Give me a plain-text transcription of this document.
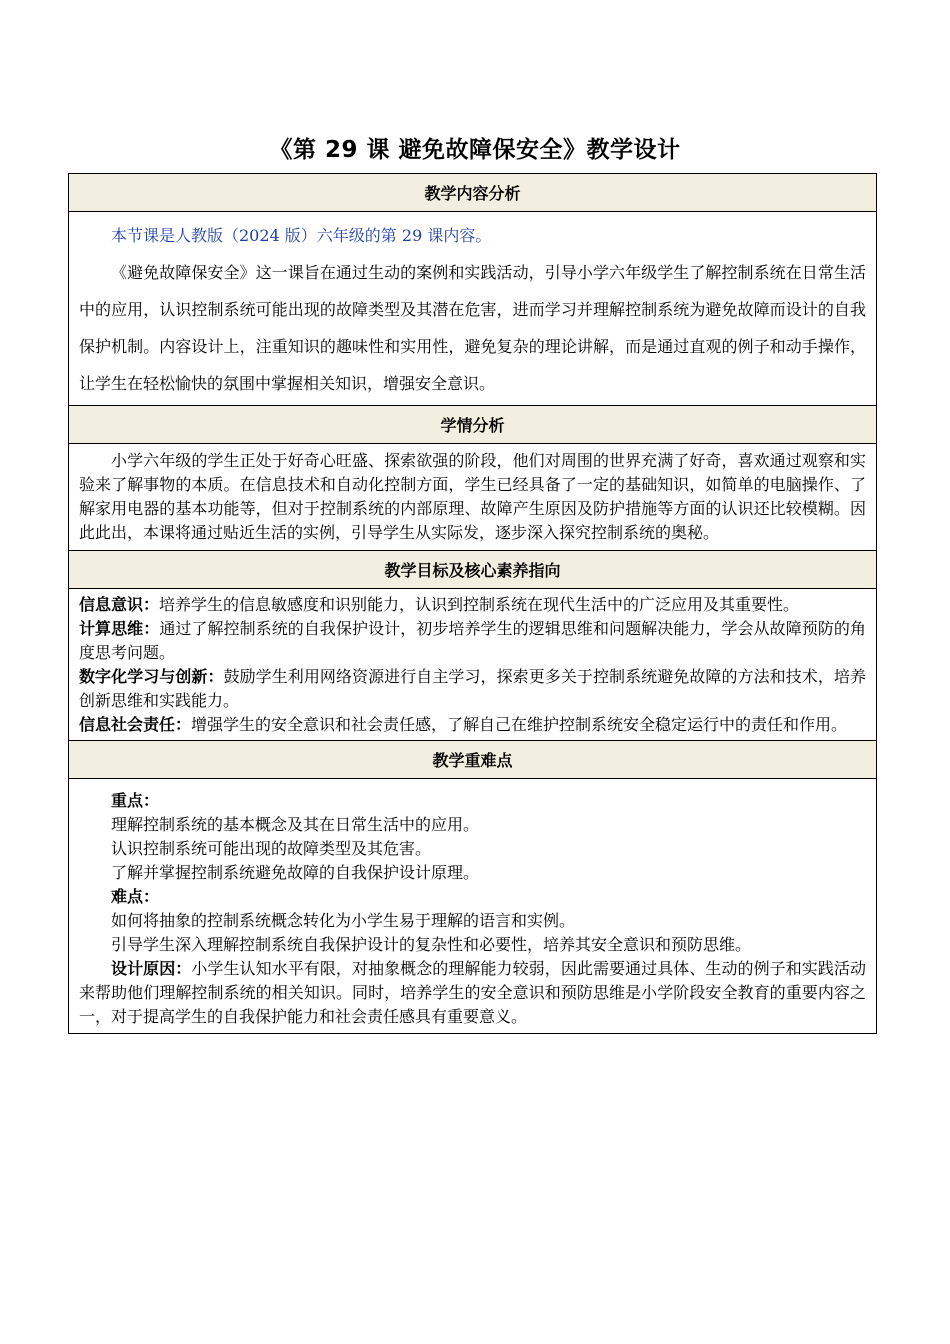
《第 29 课 避免故障保安全》教学设计
教学内容分析

本节课是人教版（2024 版）六年级的第 29 课内容。

《避免故障保安全》这一课旨在通过生动的案例和实践活动，引导小学六年级学生了解控制系统在日常生活中的应用，认识控制系统可能出现的故障类型及其潜在危害，进而学习并理解控制系统为避免故障而设计的自我保护机制。内容设计上，注重知识的趣味性和实用性，避免复杂的理论讲解，而是通过直观的例子和动手操作，让学生在轻松愉快的氛围中掌握相关知识，增强安全意识。

学情分析

小学六年级的学生正处于好奇心旺盛、探索欲强的阶段，他们对周围的世界充满了好奇，喜欢通过观察和实验来了解事物的本质。在信息技术和自动化控制方面，学生已经具备了一定的基础知识，如简单的电脑操作、了解家用电器的基本功能等，但对于控制系统的内部原理、故障产生原因及防护措施等方面的认识还比较模糊。因此此出，本课将通过贴近生活的实例，引导学生从实际发，逐步深入探究控制系统的奥秘。

教学目标及核心素养指向

信息意识：培养学生的信息敏感度和识别能力，认识到控制系统在现代生活中的广泛应用及其重要性。

计算思维：通过了解控制系统的自我保护设计，初步培养学生的逻辑思维和问题解决能力，学会从故障预防的角度思考问题。

数字化学习与创新：鼓励学生利用网络资源进行自主学习，探索更多关于控制系统避免故障的方法和技术，培养创新思维和实践能力。

信息社会责任：增强学生的安全意识和社会责任感，了解自己在维护控制系统安全稳定运行中的责任和作用。

教学重难点

重点：

理解控制系统的基本概念及其在日常生活中的应用。

认识控制系统可能出现的故障类型及其危害。

了解并掌握控制系统避免故障的自我保护设计原理。

难点：

如何将抽象的控制系统概念转化为小学生易于理解的语言和实例。

引导学生深入理解控制系统自我保护设计的复杂性和必要性，培养其安全意识和预防思维。

设计原因：小学生认知水平有限，对抽象概念的理解能力较弱，因此需要通过具体、生动的例子和实践活动来帮助他们理解控制系统的相关知识。同时，培养学生的安全意识和预防思维是小学阶段安全教育的重要内容之一，对于提高学生的自我保护能力和社会责任感具有重要意义。
